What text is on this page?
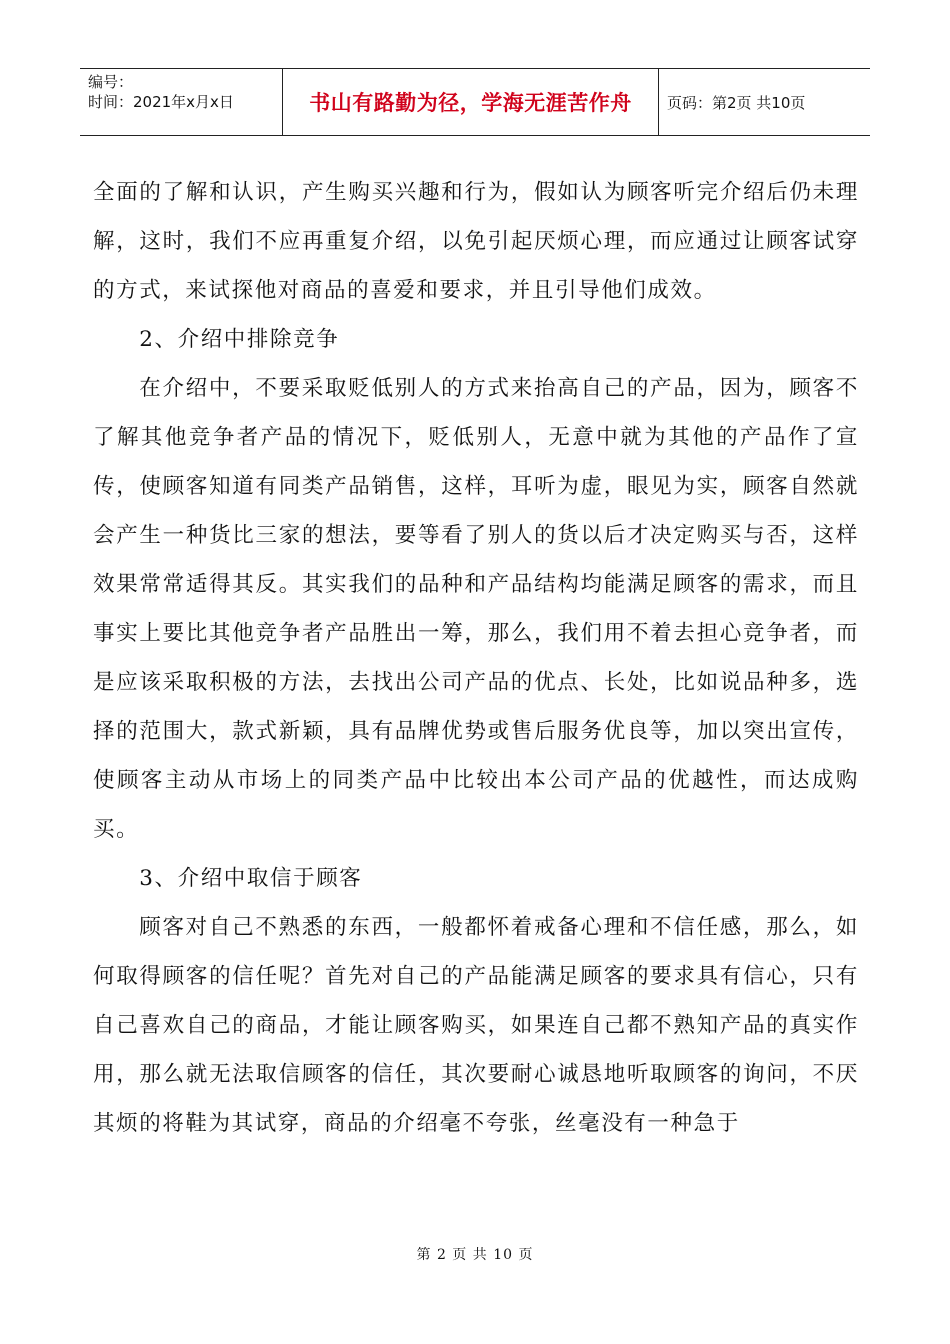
编号：
时间：2021年x月x日	书山有路勤为径，学海无涯苦作舟	页码：第2页 共10页

全面的了解和认识，产生购买兴趣和行为，假如认为顾客听完介绍后仍未理解，这时，我们不应再重复介绍，以免引起厌烦心理，而应通过让顾客试穿的方式，来试探他对商品的喜爱和要求，并且引导他们成效。

2、介绍中排除竞争

在介绍中，不要采取贬低别人的方式来抬高自己的产品，因为，顾客不了解其他竞争者产品的情况下，贬低别人，无意中就为其他的产品作了宣传，使顾客知道有同类产品销售，这样，耳听为虚，眼见为实，顾客自然就会产生一种货比三家的想法，要等看了别人的货以后才决定购买与否，这样效果常常适得其反。其实我们的品种和产品结构均能满足顾客的需求，而且事实上要比其他竞争者产品胜出一筹，那么，我们用不着去担心竞争者，而是应该采取积极的方法，去找出公司产品的优点、长处，比如说品种多，选择的范围大，款式新颖，具有品牌优势或售后服务优良等，加以突出宣传，使顾客主动从市场上的同类产品中比较出本公司产品的优越性，而达成购买。

3、介绍中取信于顾客

顾客对自己不熟悉的东西，一般都怀着戒备心理和不信任感，那么，如何取得顾客的信任呢？首先对自己的产品能满足顾客的要求具有信心，只有自己喜欢自己的商品，才能让顾客购买，如果连自己都不熟知产品的真实作用，那么就无法取信顾客的信任，其次要耐心诚恳地听取顾客的询问，不厌其烦的将鞋为其试穿，商品的介绍毫不夸张，丝毫没有一种急于

第 2 页 共 10 页
